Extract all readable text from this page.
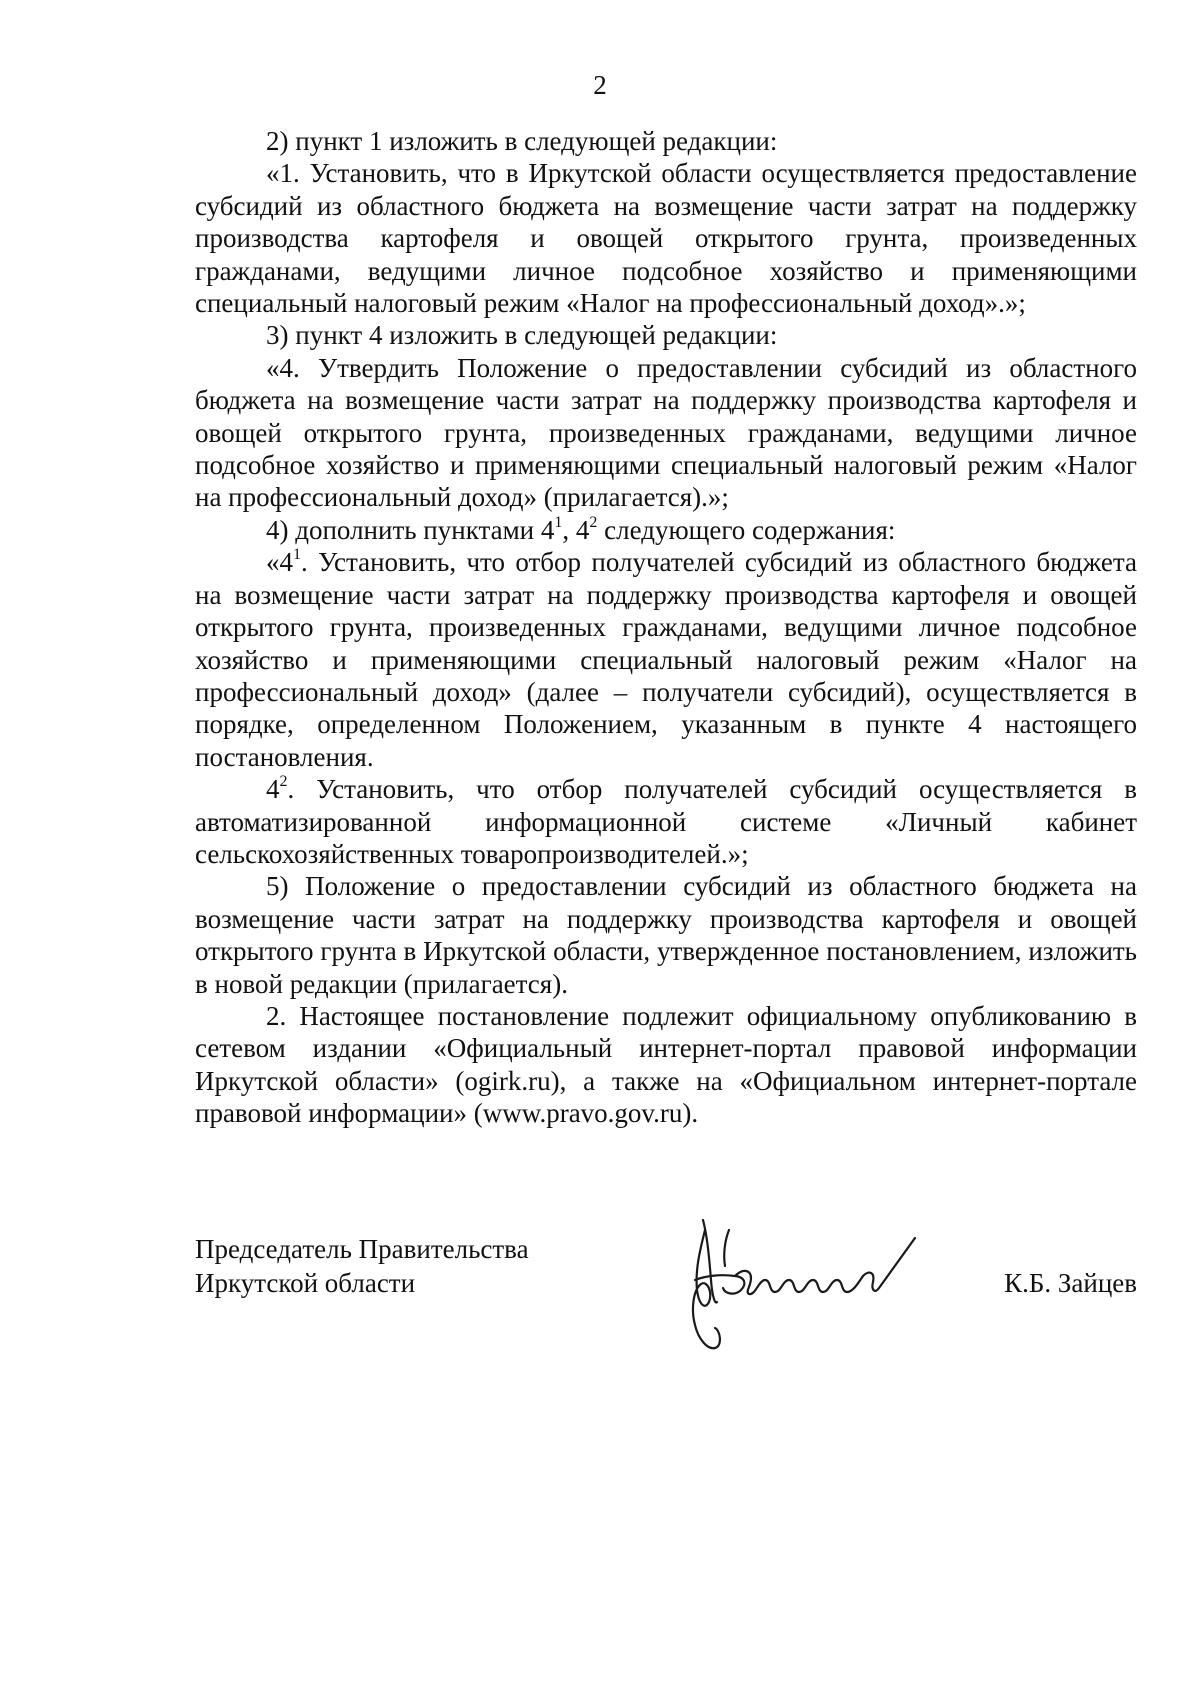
2

2) пункт 1 изложить в следующей редакции:

«1. Установить, что в Иркутской области осуществляется предоставление субсидий из областного бюджета на возмещение части затрат на поддержку производства картофеля и овощей открытого грунта, произведенных гражданами, ведущими личное подсобное хозяйство и применяющими специальный налоговый режим «Налог на профессиональный доход».»;

3) пункт 4 изложить в следующей редакции:

«4. Утвердить Положение о предоставлении субсидий из областного бюджета на возмещение части затрат на поддержку производства картофеля и овощей открытого грунта, произведенных гражданами, ведущими личное подсобное хозяйство и применяющими специальный налоговый режим «Налог на профессиональный доход» (прилагается).»;

4) дополнить пунктами $4^1$, $4^2$ следующего содержания:

«$4^1$. Установить, что отбор получателей субсидий из областного бюджета на возмещение части затрат на поддержку производства картофеля и овощей открытого грунта, произведенных гражданами, ведущими личное подсобное хозяйство и применяющими специальный налоговый режим «Налог на профессиональный доход» (далее – получатели субсидий), осуществляется в порядке, определенном Положением, указанным в пункте 4 настоящего постановления.

$4^2$. Установить, что отбор получателей субсидий осуществляется в автоматизированной информационной системе «Личный кабинет сельскохозяйственных товаропроизводителей.»;

5) Положение о предоставлении субсидий из областного бюджета на возмещение части затрат на поддержку производства картофеля и овощей открытого грунта в Иркутской области, утвержденное постановлением, изложить в новой редакции (прилагается).

2. Настоящее постановление подлежит официальному опубликованию в сетевом издании «Официальный интернет-портал правовой информации Иркутской области» (ogirk.ru), а также на «Официальном интернет-портале правовой информации» (www.pravo.gov.ru).

Председатель Правительства
Иркутской области	К.Б. Зайцев
